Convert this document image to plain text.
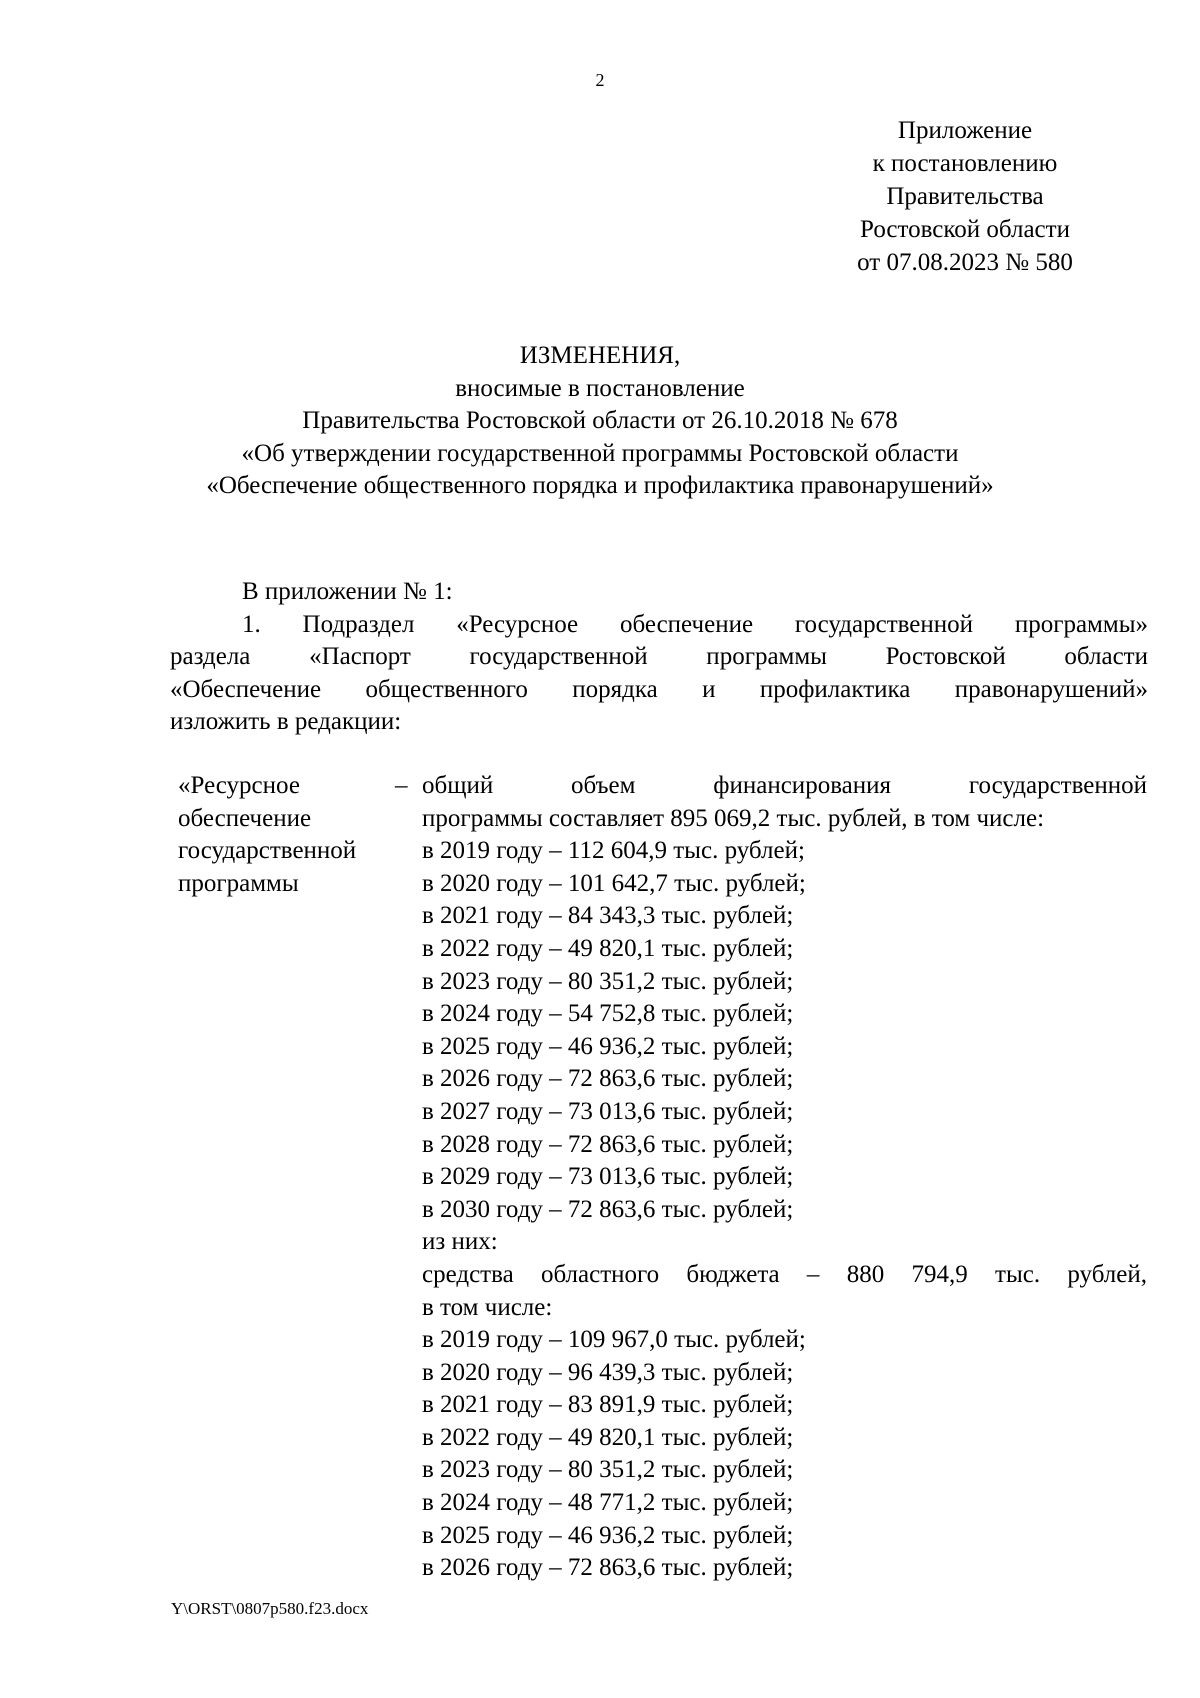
2
Приложение
к постановлению
Правительства
Ростовской области
от 07.08.2023 № 580
ИЗМЕНЕНИЯ,
вносимые в постановление
Правительства Ростовской области от 26.10.2018 № 678
«Об утверждении государственной программы Ростовской области
«Обеспечение общественного порядка и профилактика правонарушений»
В приложении № 1:
1. Подраздел «Ресурсное обеспечение государственной программы»
раздела «Паспорт государственной программы Ростовской области
«Обеспечение общественного порядка и профилактика правонарушений»
изложить в редакции:
«Ресурсное
обеспечение
государственной
программы
– общий объем финансирования государственной
программы составляет 895 069,2 тыс. рублей, в том числе:
в 2019 году – 112 604,9 тыс. рублей;
в 2020 году – 101 642,7 тыс. рублей;
в 2021 году – 84 343,3 тыс. рублей;
в 2022 году – 49 820,1 тыс. рублей;
в 2023 году – 80 351,2 тыс. рублей;
в 2024 году – 54 752,8 тыс. рублей;
в 2025 году – 46 936,2 тыс. рублей;
в 2026 году – 72 863,6 тыс. рублей;
в 2027 году – 73 013,6 тыс. рублей;
в 2028 году – 72 863,6 тыс. рублей;
в 2029 году – 73 013,6 тыс. рублей;
в 2030 году – 72 863,6 тыс. рублей;
из них:
средства областного бюджета – 880 794,9 тыс. рублей,
в том числе:
в 2019 году – 109 967,0 тыс. рублей;
в 2020 году – 96 439,3 тыс. рублей;
в 2021 году – 83 891,9 тыс. рублей;
в 2022 году – 49 820,1 тыс. рублей;
в 2023 году – 80 351,2 тыс. рублей;
в 2024 году – 48 771,2 тыс. рублей;
в 2025 году – 46 936,2 тыс. рублей;
в 2026 году – 72 863,6 тыс. рублей;
Y\ORST\0807p580.f23.docx
